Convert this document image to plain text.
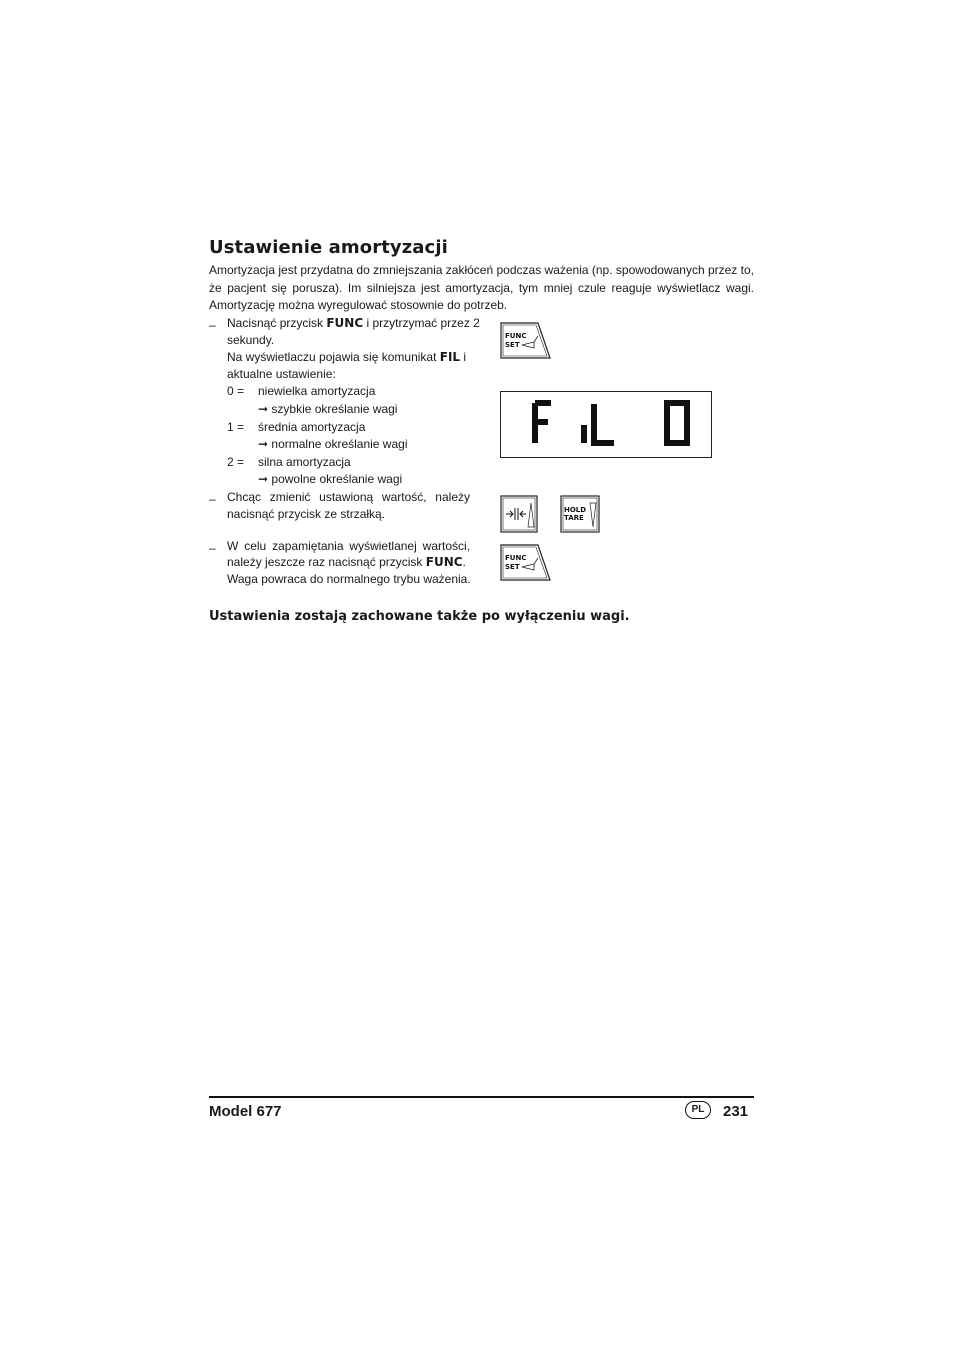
Ustawienie amortyzacji
Amortyzacja jest przydatna do zmniejszania zakłóceń podczas ważenia (np. spowodowanych przez to, że pacjent się porusza). Im silniejsza jest amortyzacja, tym mniej czule reaguje wyświetlacz wagi. Amortyzację można wyregulować stosownie do potrzeb.
– Nacisnąć przycisk FUNC i przytrzymać przez 2
sekundy.
Na wyświetlaczu pojawia się komunikat FIL i
aktualne ustawienie:
0 = niewielka amortyzacja
➞ szybkie określanie wagi
1 = średnia amortyzacja
➞ normalne określanie wagi
2 = silna amortyzacja
➞ powolne określanie wagi
– Chcąc zmienić ustawioną wartość, należy
nacisnąć przycisk ze strzałką.
– W celu zapamiętania wyświetlanej wartości,
należy jeszcze raz nacisnąć przycisk FUNC.
Waga powraca do normalnego trybu ważenia.
FUNC
SET
FIL 0
HOLD
TARE
FUNC
SET
Ustawienia zostają zachowane także po wyłączeniu wagi.
Model 677	PL	231
